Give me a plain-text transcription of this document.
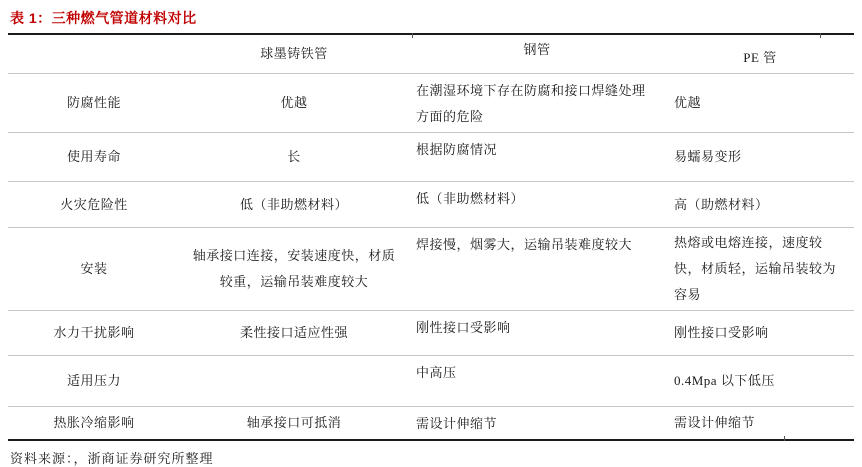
表 1：三种燃气管道材料对比
	球墨铸铁管	钢管	PE 管
防腐性能	优越	在潮湿环境下存在防腐和接口焊缝处理方面的危险	优越
使用寿命	长	根据防腐情况	易蠕易变形
火灾危险性	低（非助燃材料）	低（非助燃材料）	高（助燃材料）
安装	轴承接口连接，安装速度快，材质较重，运输吊装难度较大	焊接慢，烟雾大，运输吊装难度较大	热熔或电熔连接，速度较快，材质轻，运输吊装较为容易
水力干扰影响	柔性接口适应性强	刚性接口受影响	刚性接口受影响
适用压力		中高压	0.4Mpa 以下低压
热胀冷缩影响	轴承接口可抵消	需设计伸缩节	需设计伸缩节
资料来源：，浙商证券研究所整理
